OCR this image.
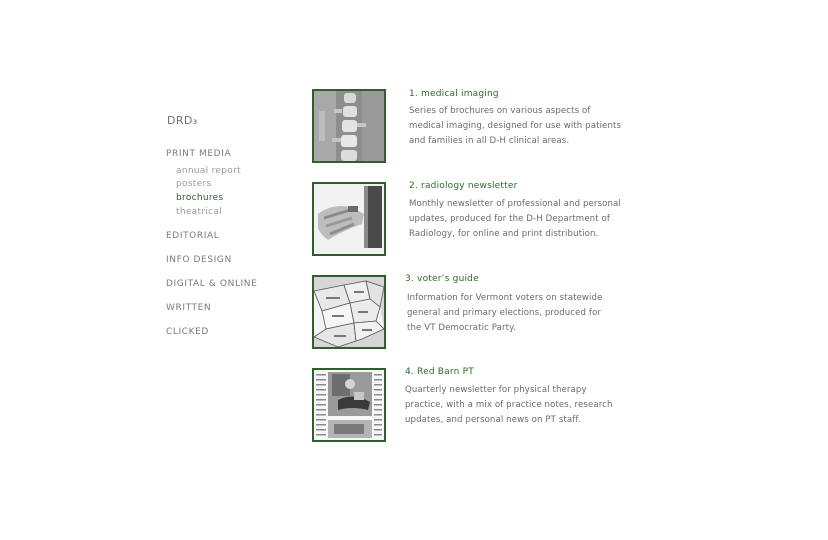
DRD₃
PRINT MEDIA
annual report
posters
brochures
theatrical
EDITORIAL
INFO DESIGN
DIGITAL & ONLINE
WRITTEN
CLICKED
1. medical imaging
Series of brochures on various aspects of
medical imaging, designed for use with patients
and families in all D-H clinical areas.
2. radiology newsletter
Monthly newsletter of professional and personal
updates, produced for the D-H Department of
Radiology, for online and print distribution.
3. voter’s guide
Information for Vermont voters on statewide
general and primary elections, produced for
the VT Democratic Party.
4. Red Barn PT
Quarterly newsletter for physical therapy
practice, with a mix of practice notes, research
updates, and personal news on PT staff.
